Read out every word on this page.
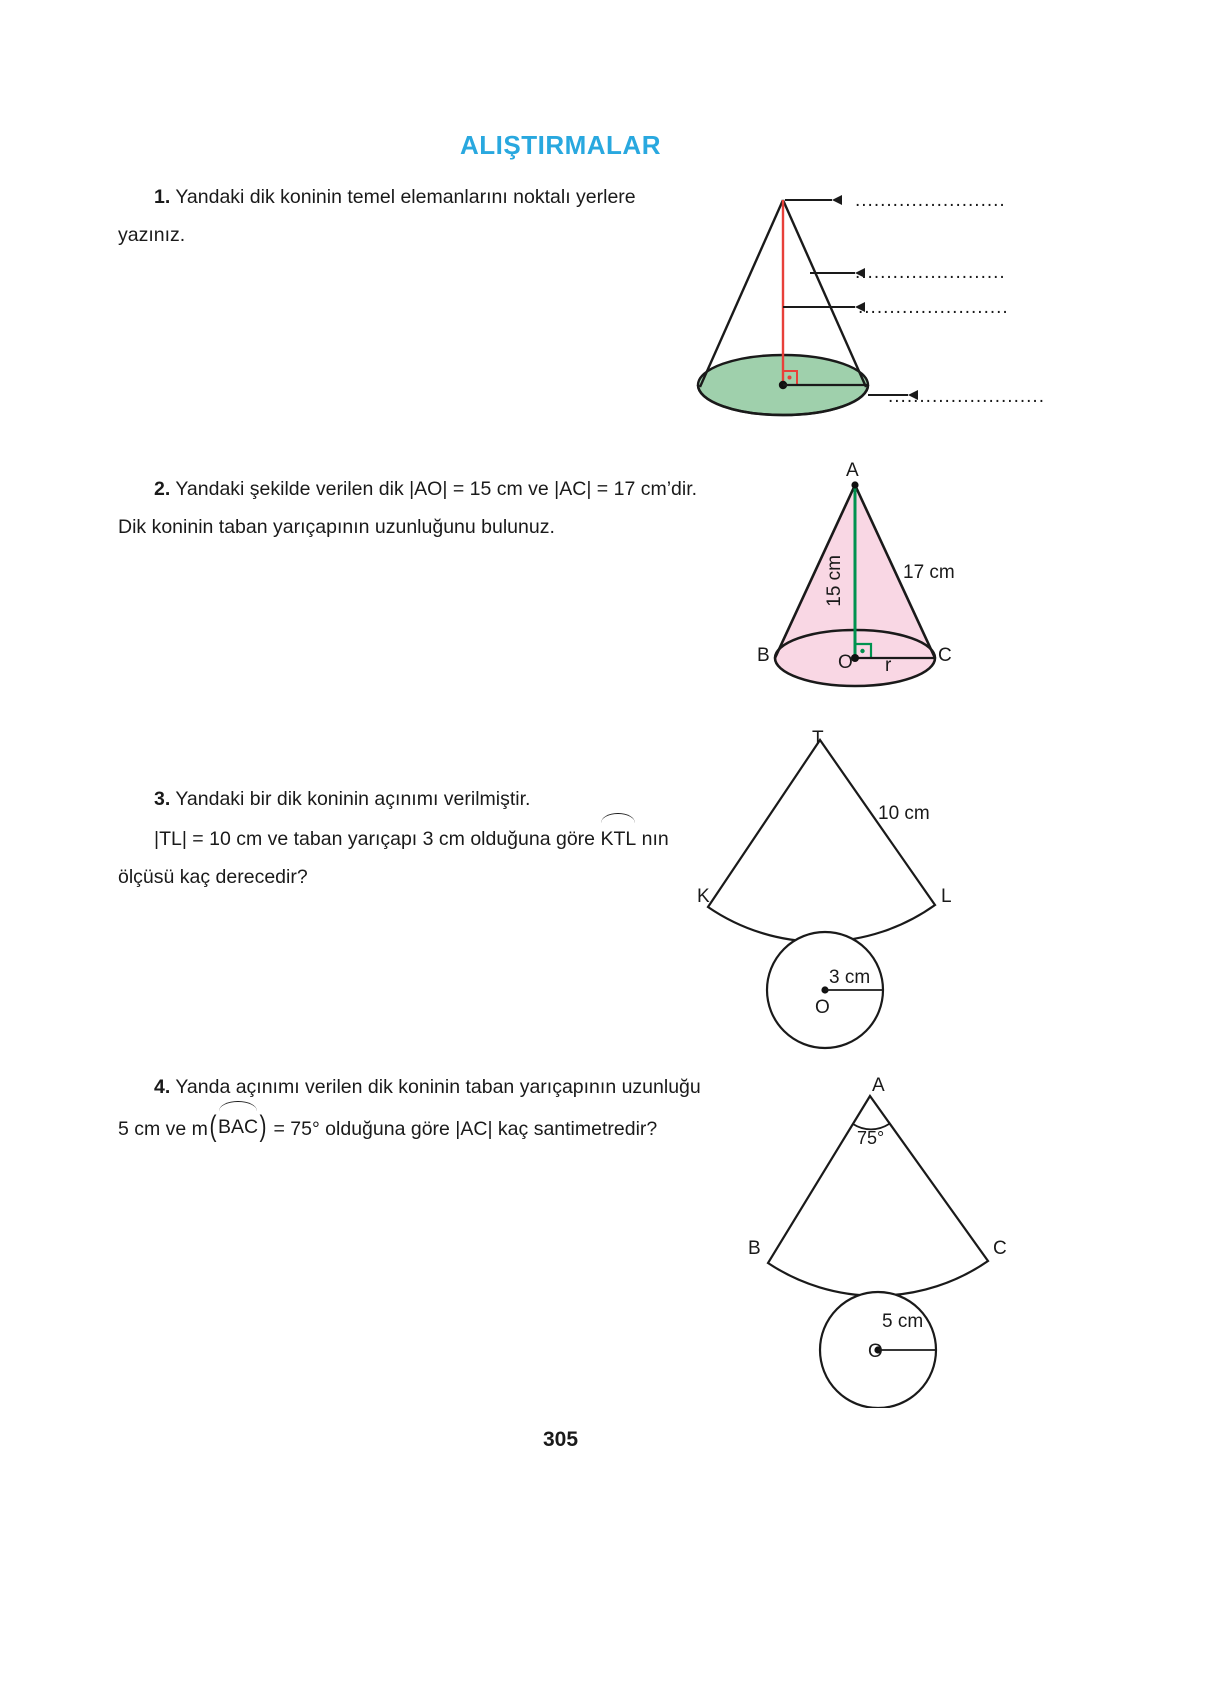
ALIŞTIRMALAR
1. Yandaki dik koninin temel elemanlarını noktalı yerlere
yazınız.
........................
........................
........................
.........................
2. Yandaki şekilde verilen dik |AO| = 15 cm ve |AC| = 17 cm’dir.
Dik koninin taban yarıçapının uzunluğunu bulunuz.
A
B	C
O r
15 cm	17 cm
3. Yandaki bir dik koninin açınımı verilmiştir.
|TL| = 10 cm ve taban yarıçapı 3 cm olduğuna göre KTL nın
ölçüsü kaç derecedir?
T
K	L
10 cm
O
3 cm
4. Yanda açınımı verilen dik koninin taban yarıçapının uzunluğu
5 cm ve m ( BAC ) = 75° olduğuna göre |AC| kaç santimetredir?
A
75°
B	C
O
5 cm
305
